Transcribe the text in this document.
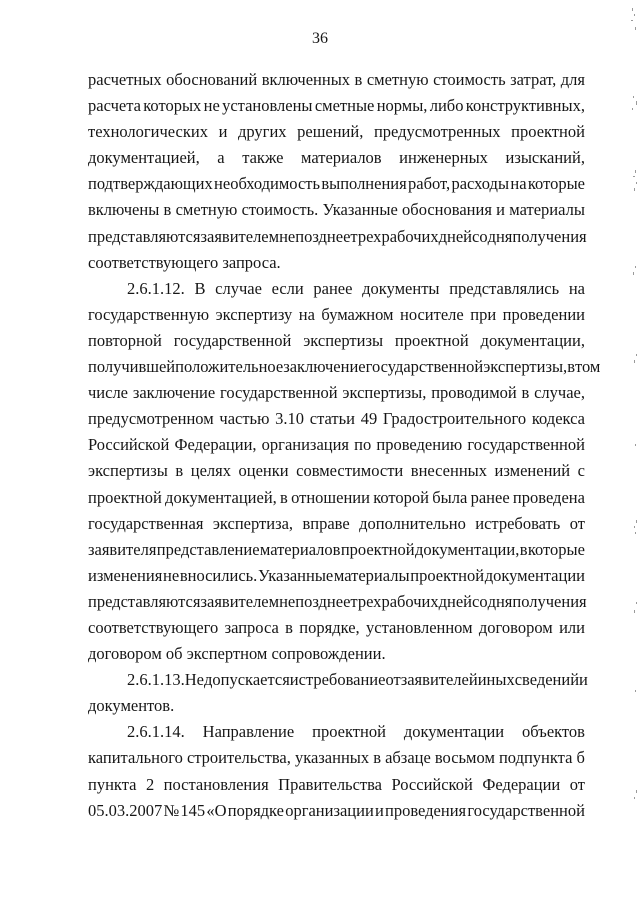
36
расчетных обоснований включенных в сметную стоимость затрат, для
расчета которых не установлены сметные нормы, либо конструктивных,
технологических и других решений, предусмотренных проектной
документацией, а также материалов инженерных изысканий,
подтверждающих необходимость выполнения работ, расходы на которые
включены в сметную стоимость. Указанные обоснования и материалы
представляются заявителем не позднее трех рабочих дней со дня получения
соответствующего запроса.
2.6.1.12. В случае если ранее документы представлялись на
государственную экспертизу на бумажном носителе при проведении
повторной государственной экспертизы проектной документации,
получившей положительное заключение государственной экспертизы, в том
числе заключение государственной экспертизы, проводимой в случае,
предусмотренном частью 3.10 статьи 49 Градостроительного кодекса
Российской Федерации, организация по проведению государственной
экспертизы в целях оценки совместимости внесенных изменений с
проектной документацией, в отношении которой была ранее проведена
государственная экспертиза, вправе дополнительно истребовать от
заявителя представление материалов проектной документации, в которые
изменения не вносились. Указанные материалы проектной документации
представляются заявителем не позднее трех рабочих дней со дня получения
соответствующего запроса в порядке, установленном договором или
договором об экспертном сопровождении.
2.6.1.13. Не допускается истребование от заявителей иных сведений и
документов.
2.6.1.14. Направление проектной документации объектов
капитального строительства, указанных в абзаце восьмом подпункта б
пункта 2 постановления Правительства Российской Федерации от
05.03.2007 № 145 «О порядке организации и проведения государственной
